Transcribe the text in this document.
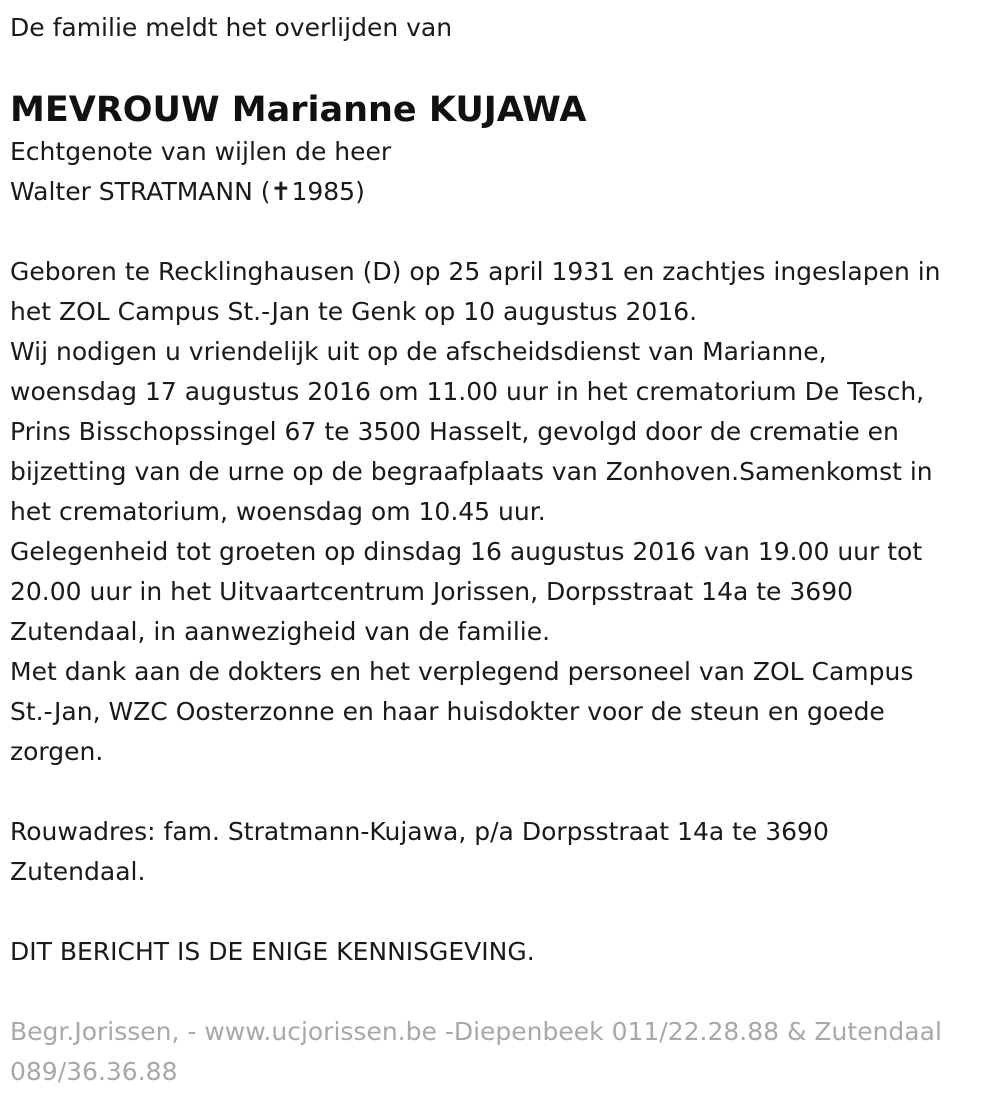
De familie meldt het overlijden van
MEVROUW Marianne KUJAWA
Echtgenote van wijlen de heer
Walter STRATMANN (✝1985)
Geboren te Recklinghausen (D) op 25 april 1931 en zachtjes ingeslapen in
het ZOL Campus St.-Jan te Genk op 10 augustus 2016.
Wij nodigen u vriendelijk uit op de afscheidsdienst van Marianne,
woensdag 17 augustus 2016 om 11.00 uur in het crematorium De Tesch,
Prins Bisschopssingel 67 te 3500 Hasselt, gevolgd door de crematie en
bijzetting van de urne op de begraafplaats van Zonhoven.Samenkomst in
het crematorium, woensdag om 10.45 uur.
Gelegenheid tot groeten op dinsdag 16 augustus 2016 van 19.00 uur tot
20.00 uur in het Uitvaartcentrum Jorissen, Dorpsstraat 14a te 3690
Zutendaal, in aanwezigheid van de familie.
Met dank aan de dokters en het verplegend personeel van ZOL Campus
St.-Jan, WZC Oosterzonne en haar huisdokter voor de steun en goede
zorgen.
Rouwadres: fam. Stratmann-Kujawa, p/a Dorpsstraat 14a te 3690
Zutendaal.
DIT BERICHT IS DE ENIGE KENNISGEVING.
Begr.Jorissen, - www.ucjorissen.be -Diepenbeek 011/22.28.88 & Zutendaal
089/36.36.88
